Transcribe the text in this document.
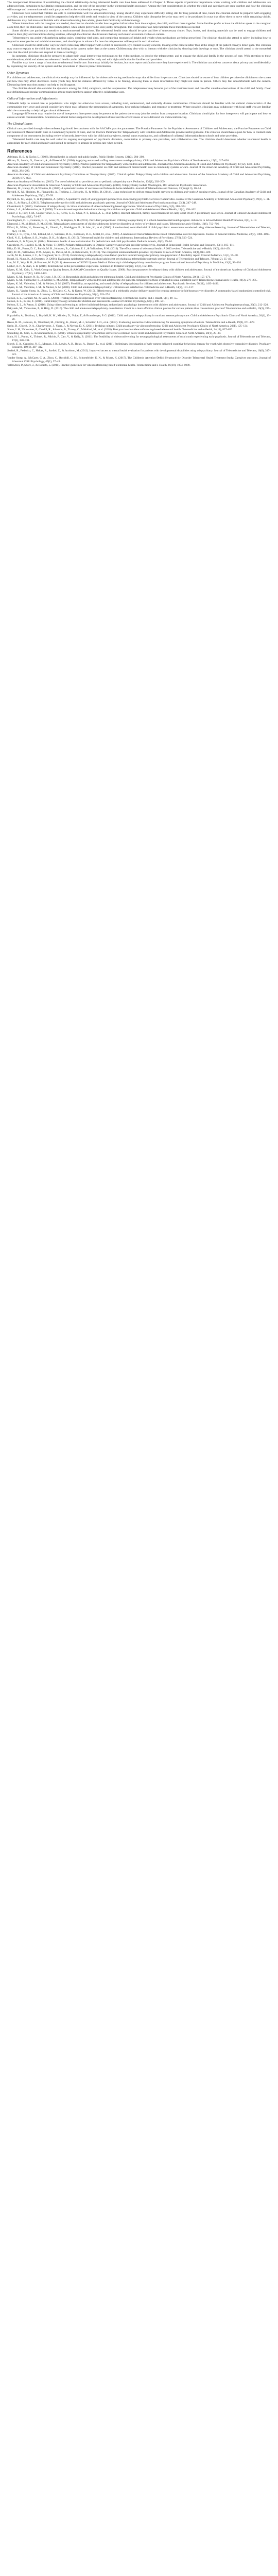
The interpersonal dimensions of establishing the clinical relationship during telemental health care have been addressed in Chapter 3. Those aspects of particular importance when working with children and adolescents are addressed here, pertaining to facilitating communication, and the role of the presenter in the telemental health encounter. Among the first considerations is whether the child and caregivers are seen together and how the clinician will manage and communicate with each party as well as the relationships among them.

Clinicians have noted that children are able to communicate well via videoconferencing. Young children may experience difficulty sitting still for long periods of time, hence the clinician should be prepared with engaging activities, and the telepresenter should be prepared to help the child settle and remain in view of the camera. Children with disruptive behavior may need to be positioned in ways that allow them to move while remaining visible. Adolescents may feel more comfortable with videoconferencing than adults, given their familiarity with technology.

Where interactions with the caregiver are needed, the clinician should consider how to gather information from the caregiver, the child, and from them together. Some families prefer to have the clinician speak to the caregiver alone first, then the child alone, and then both together, while others prefer to be seen jointly throughout. The telepresenter can help facilitate these transitions as needed.

Some children are particularly sensitive to environmental distractions. The telemental health room should be quiet and free of unnecessary clutter. Toys, books, and drawing materials can be used to engage children and observe their play and interactions during sessions, although the clinician should ensure that any such materials remain visible on camera.

Telepresenters can assist with gathering rating scales, obtaining vital signs, and completing measures of height and weight when medications are being prescribed. The clinician should also attend to safety, including how to respond to emergencies and suicidal statements, and should plan in advance for how the telepresenter will respond in such situations.

Clinicians should be alert to the ways in which video may affect rapport with a child or adolescent. Eye contact is a key concern; looking at the camera rather than at the image of the patient conveys direct gaze. The clinician may want to explain to the child that they are looking at the camera rather than at the screen. Children may also wish to interact with the clinician by showing their drawings or toys. The clinician should attend to the nonverbal cues that the child provides and respond to them accordingly.

In summary, clinicians should be prepared to adapt their usual interviewing techniques to the video medium, to involve the telepresenter, and to engage the child and family in the process of care. With attention to these considerations, child and adolescent telemental health can be delivered effectively and with high satisfaction for families and providers.

Families may have a range of reactions to telemental health care. Some may initially be hesitant, but most report satisfaction once they have experienced it. The clinician can address concerns about privacy and confidentiality by explaining the security of the system and the procedures in place to protect information.

Other Dynamics

For children and adolescents, the clinical relationship may be influenced by the videoconferencing medium in ways that differ from in-person care. Clinicians should be aware of how children perceive the clinician on the screen and how this may affect disclosure. Some youth may find the distance afforded by video to be freeing, allowing them to share information they might not share in person. Others may feel uncomfortable with the camera. Discussing these reactions openly can help to build rapport.

The clinician should also consider the dynamics among the child, caregivers, and the telepresenter. The telepresenter may become part of the treatment team and can offer valuable observations of the child and family. Clear role definitions and regular communication among team members support effective collaborative care.

Cultural Information and Adjustments

Telehealth helps to extend care to populations who might not otherwise have access, including rural, underserved, and culturally diverse communities. Clinicians should be familiar with the cultural characteristics of the communities they serve and should consider how these may influence the presentation of symptoms, help-seeking behavior, and response to treatment. Where possible, clinicians may collaborate with local staff who are familiar with the community to help bridge cultural differences.

Language differences may require the use of interpreters. Interpreters may be present at the patient site or may join the session from a separate location. Clinicians should plan for how interpreters will participate and how to ensure accurate communication. Attention to cultural factors supports the development of trust and the effectiveness of care delivered via videoconferencing.

The Clinical Issues

Clinical care provided through videoconferencing should be consistent with the AACAP's practice parameters. The Practice Parameter for the Psychiatric Assessment of Children and Adolescents, the Practice Parameter on Child and Adolescent Mental Health Care in Community Systems of Care, and the Practice Parameter for Telepsychiatry with Children and Adolescents provide useful guidance. The clinician should have a plan for how to conduct each component of the assessment, including review of records, interviews with the child and caregivers, mental status examination, and collection of collateral information from schools and other providers.

Telemental health care may be well suited to ongoing management of psychiatric disorders, consultation to primary care providers, and collaborative care. The clinician should determine whether telemental health is appropriate for each child and family and should be prepared to arrange in-person care when needed.

References
Adelman, H. S., & Taylor, L. (2006). Mental health in schools and public health. Public Health Reports, 121(3), 294–298.
Alicata, D., Jacobs, N., Guerrero, A., & Piasecki, M. (2006). Applying automated staffing assessments to telepsychiatry. Child and Adolescent Psychiatric Clinics of North America, 15(3), 617–636.
American Academy of Child and Adolescent Psychiatry. (2008). Practice parameter for telepsychiatry with children and adolescents. Journal of the American Academy of Child and Adolescent Psychiatry, 47(12), 1468–1483.
American Academy of Child and Adolescent Psychiatry. (2009). Practice parameter on child and adolescent mental health care in community systems of care. Journal of the American Academy of Child and Adolescent Psychiatry, 46(2), 284–299.
American Academy of Child and Adolescent Psychiatry Committee on Telepsychiatry. (2017). Clinical update: Telepsychiatry with children and adolescents. Journal of the American Academy of Child and Adolescent Psychiatry, 56(10), 875–893.
American Academy of Pediatrics. (2015). The use of telehealth to provide access to pediatric subspecialty care. Pediatrics, 136(1), 202–209.
American Psychiatric Association & American Academy of Child and Adolescent Psychiatry. (2018). Telepsychiatry toolkit. Washington, DC: American Psychiatric Association.
Bensink, M., Hailey, D., & Wootton, R. (2007). A systematic review of successes and failures in home telehealth. Journal of Telemedicine and Telecare, 13(Suppl 3), 10–14.
Boydell, K. M., Hodgins, M., Pignatiello, A., Teshima, J., Edwards, H., & Willis, D. (2014). Using technology to deliver mental health services to children and youth: A scoping review. Journal of the Canadian Academy of Child and Adolescent Psychiatry, 23(2), 87–99.
Boydell, K. M., Volpe, T., & Pignatiello, A. (2010). A qualitative study of young people's perspectives on receiving psychiatric services via televideo. Journal of the Canadian Academy of Child and Adolescent Psychiatry, 19(1), 5–11.
Cain, S., & Sharp, S. (2013). Telepharmacotherapy for child and adolescent psychiatric patients. Journal of Child and Adolescent Psychopharmacology, 23(4), 247–248.
Chakrabarti, S. (2015). Usefulness of telepsychiatry: A critical evaluation of videoconferencing-based approaches. World Journal of Psychiatry, 5(3), 286–304.
Cohen, J. A., & Mannarino, A. P. (2008). Trauma-focused cognitive behavioural therapy for children and parents. Child and Adolescent Mental Health, 13(4), 158–162.
Comer, J. S., Furr, J. M., Cooper-Vince, C. E., Kerns, C. E., Chan, P. T., Edson, A. L., et al. (2014). Internet-delivered, family-based treatment for early-onset OCD: A preliminary case series. Journal of Clinical Child and Adolescent Psychology, 43(1), 74–87.
Cunningham, D. L., Connors, E. H., Lever, N., & Stephan, S. H. (2013). Providers' perspectives: Utilizing telepsychiatry in a school-based mental health program. Advances in School Mental Health Promotion, 6(1), 5–18.
Diamond, J. M., & Bloch, R. M. (2010). Telepsychiatry assessments of child or adolescent behavior disorders: A review of evidence and issues. Telemedicine and e-Health, 16(6), 712–716.
Elford, R., White, H., Bowering, R., Ghandi, A., Maddiggan, B., St John, K., et al. (2000). A randomized, controlled trial of child psychiatric assessments conducted using videoconferencing. Journal of Telemedicine and Telecare, 6(2), 73–82.
Fortney, J. C., Pyne, J. M., Edlund, M. J., Williams, D. K., Robinson, D. E., Mittal, D., et al. (2007). A randomized trial of telemedicine-based collaborative care for depression. Journal of General Internal Medicine, 22(8), 1086–1093.
Gloff, N. E., LeNoue, S. R., Novins, D. K., & Myers, K. (2015). Telemental health for children and adolescents. International Review of Psychiatry, 27(6), 513–524.
Goldstein, F., & Myers, K. (2014). Telemental health: A new collaboration for pediatricians and child psychiatrists. Pediatric Annals, 43(2), 79–84.
Greenberg, N., Boydell, K. M., & Volpe, T. (2006). Pediatric telepsychiatry in Ontario: Caregiver and service provider perspectives. Journal of Behavioral Health Services and Research, 33(1), 105–111.
Hilty, D. M., Ferrer, D. C., Parish, M. B., Johnston, B., Callahan, E. J., & Yellowlees, P. M. (2013). The effectiveness of telemental health: A 2013 review. Telemedicine and e-Health, 19(6), 444–454.
Hilty, D. M., Yellowlees, P. M., Myers, K., Parish, M. B., & Rabinowitz, T. (2016). The competent telemental health provider. Psychiatric Clinics of North America, 38(4), 813–829.
Jacob, M. K., Larson, J. C., & Craighead, W. E. (2012). Establishing a telepsychiatry consultation practice in rural Georgia for primary care physicians: A feasibility report. Clinical Pediatrics, 51(1), 95–98.
Kopel, H., Nunn, K., & Dossetor, D. (2001). Evaluating satisfaction with a child and adolescent psychological telemedicine outreach service. Journal of Telemedicine and Telecare, 7(Suppl 2), 35–40.
Lau, M. E., Way, B. B., & Fremont, W. P. (2011). Assessment of SUNY Upstate Medical University's child telepsychiatry consultation program. International Journal of Psychiatry in Medicine, 42(1), 93–104.
Lesher, A. P., & Shah, S. R. (2018). Telemedicine in the perioperative experience. Seminars in Pediatric Surgery, 27(2), 102–106.
Myers, K. M., Cain, S., Work Group on Quality Issues, & AACAP Committee on Quality Issues. (2008). Practice parameter for telepsychiatry with children and adolescents. Journal of the American Academy of Child and Adolescent Psychiatry, 47(12), 1468–1483.
Myers, K. M., Palmer, N. B., & Geyer, J. R. (2011). Research in child and adolescent telemental health. Child and Adolescent Psychiatric Clinics of North America, 20(1), 155–171.
Myers, K. M., Sulzbacher, S., & Melzer, S. M. (2004). Telepsychiatry with children and adolescents: Are patients comparable to those evaluated in usual outpatient care? Telemedicine Journal and e-Health, 10(3), 278–285.
Myers, K. M., Valentine, J. M., & Melzer, S. M. (2007). Feasibility, acceptability, and sustainability of telepsychiatry for children and adolescents. Psychiatric Services, 58(11), 1493–1496.
Myers, K. M., Valentine, J. M., & Melzer, S. M. (2008). Child and adolescent telepsychiatry: Utilization and satisfaction. Telemedicine and e-Health, 14(2), 131–137.
Myers, K., Vander Stoep, A., Zhou, C., McCarty, C. A., & Katon, W. (2015). Effectiveness of a telehealth service delivery model for treating attention-deficit/hyperactivity disorder: A community-based randomized controlled trial. Journal of the American Academy of Child and Adolescent Psychiatry, 54(4), 263–274.
Nelson, E. L., Barnard, M., & Cain, S. (2003). Treating childhood depression over videoconferencing. Telemedicine Journal and e-Health, 9(1), 49–55.
Nelson, E. L., & Bui, T. (2010). Rural telepsychology services for children and adolescents. Journal of Clinical Psychology, 66(5), 490–501.
Nelson, E. L., & Patton, S. (2016). Using videoconferencing to deliver individual therapy and pediatric psychology interventions with children and adolescents. Journal of Child and Adolescent Psychopharmacology, 26(3), 212–220.
Pakyurek, M., Yellowlees, P., & Hilty, D. (2010). The child and adolescent telepsychiatry consultation: Can it be a more effective clinical process for certain patients than conventional practice? Telemedicine and e-Health, 16(3), 289–292.
Pignatiello, A., Teshima, J., Boydell, K. M., Minden, D., Volpe, T., & Braunberger, P. G. (2011). Child and youth telepsychiatry in rural and remote primary care. Child and Adolescent Psychiatric Clinics of North America, 20(1), 13–28.
Reese, R. M., Jamison, R., Wendland, M., Fleming, K., Braun, M. J., Schuttler, J. O., et al. (2013). Evaluating interactive videoconferencing for assessing symptoms of autism. Telemedicine and e-Health, 19(9), 671–677.
Savin, D., Glueck, D. A., Chardavoyne, J., Yager, J., & Novins, D. K. (2011). Bridging cultures: Child psychiatry via videoconferencing. Child and Adolescent Psychiatric Clinics of North America, 20(1), 125–134.
Shore, J. H., Yellowlees, P., Caudill, R., Johnston, B., Turvey, C., Mishkind, M., et al. (2018). Best practices in videoconferencing-based telemental health. Telemedicine and e-Health, 24(11), 827–832.
Spaulding, R., Cain, S., & Sonnenschein, K. (2011). Urban telepsychiatry: Uncommon service for a common need. Child and Adolescent Psychiatric Clinics of North America, 20(1), 29–39.
Stain, H. J., Payne, K., Thienel, R., Michie, P., Carr, V., & Kelly, B. (2011). The feasibility of videoconferencing for neuropsychological assessments of rural youth experiencing early psychosis. Journal of Telemedicine and Telecare, 17(6), 328–331.
Storch, E. A., Caporino, N. E., Morgan, J. R., Lewin, A. B., Rojas, A., Brauer, L., et al. (2011). Preliminary investigation of web-camera delivered cognitive-behavioral therapy for youth with obsessive-compulsive disorder. Psychiatry Research, 189(3), 407–412.
Szeftel, R., Federico, C., Hakak, R., Szeftel, Z., & Jacobson, M. (2012). Improved access to mental health evaluation for patients with developmental disabilities using telepsychiatry. Journal of Telemedicine and Telecare, 18(6), 317–321.
Vander Stoep, A., McCarty, C. A., Zhou, C., Rockhill, C. M., Schoenfelder, E. N., & Myers, K. (2017). The Children's Attention-Deficit Hyperactivity Disorder Telemental Health Treatment Study: Caregiver outcomes. Journal of Abnormal Child Psychology, 45(1), 27–43.
Yellowlees, P., Shore, J., & Roberts, L. (2010). Practice guidelines for videoconferencing-based telemental health. Telemedicine and e-Health, 16(10), 1074–1089.
